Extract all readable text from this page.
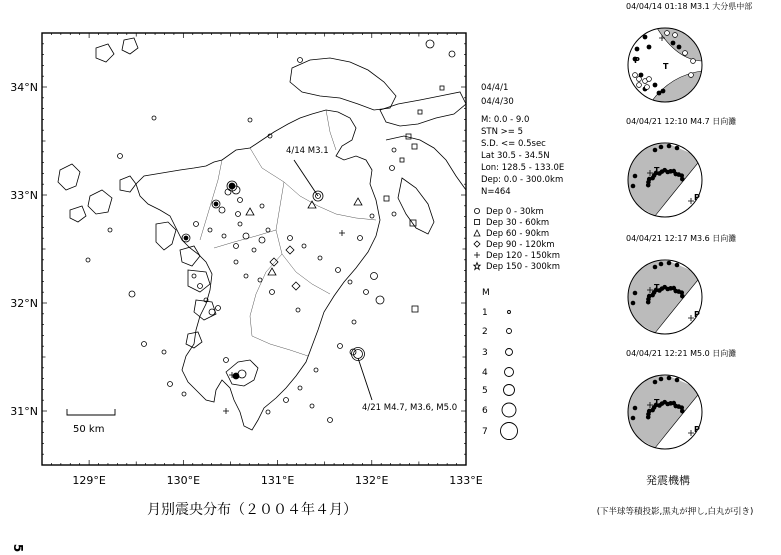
4/14 M3.1
4/21 M4.7, M3.6, M5.0
50 km
34°N
33°N
32°N
31°N
129°E	130°E	131°E	132°E	133°E
04/4/1
04/4/30
M: 0.0 - 9.0
STN >= 5
S.D. <= 0.5sec
Lat 30.5 - 34.5N
Lon: 128.5 - 133.0E
Dep: 0.0 - 300.0km
N=464
Dep 0 - 30km
Dep 30 - 60km
Dep 60 - 90km
Dep 90 - 120km
Dep 120 - 150km
Dep 150 - 300km
M
1
2
3
4
5
6
7
04/04/14 01:18 M3.1 大分県中部
P
T
04/04/21 12:10 M4.7 日向灘
T
P
04/04/21 12:17 M3.6 日向灘
T
P
04/04/21 12:21 M5.0 日向灘
T
P
発震機構
(下半球等積投影,黒丸が押し,白丸が引き)
月別震央分布（２００４年４月）
5
